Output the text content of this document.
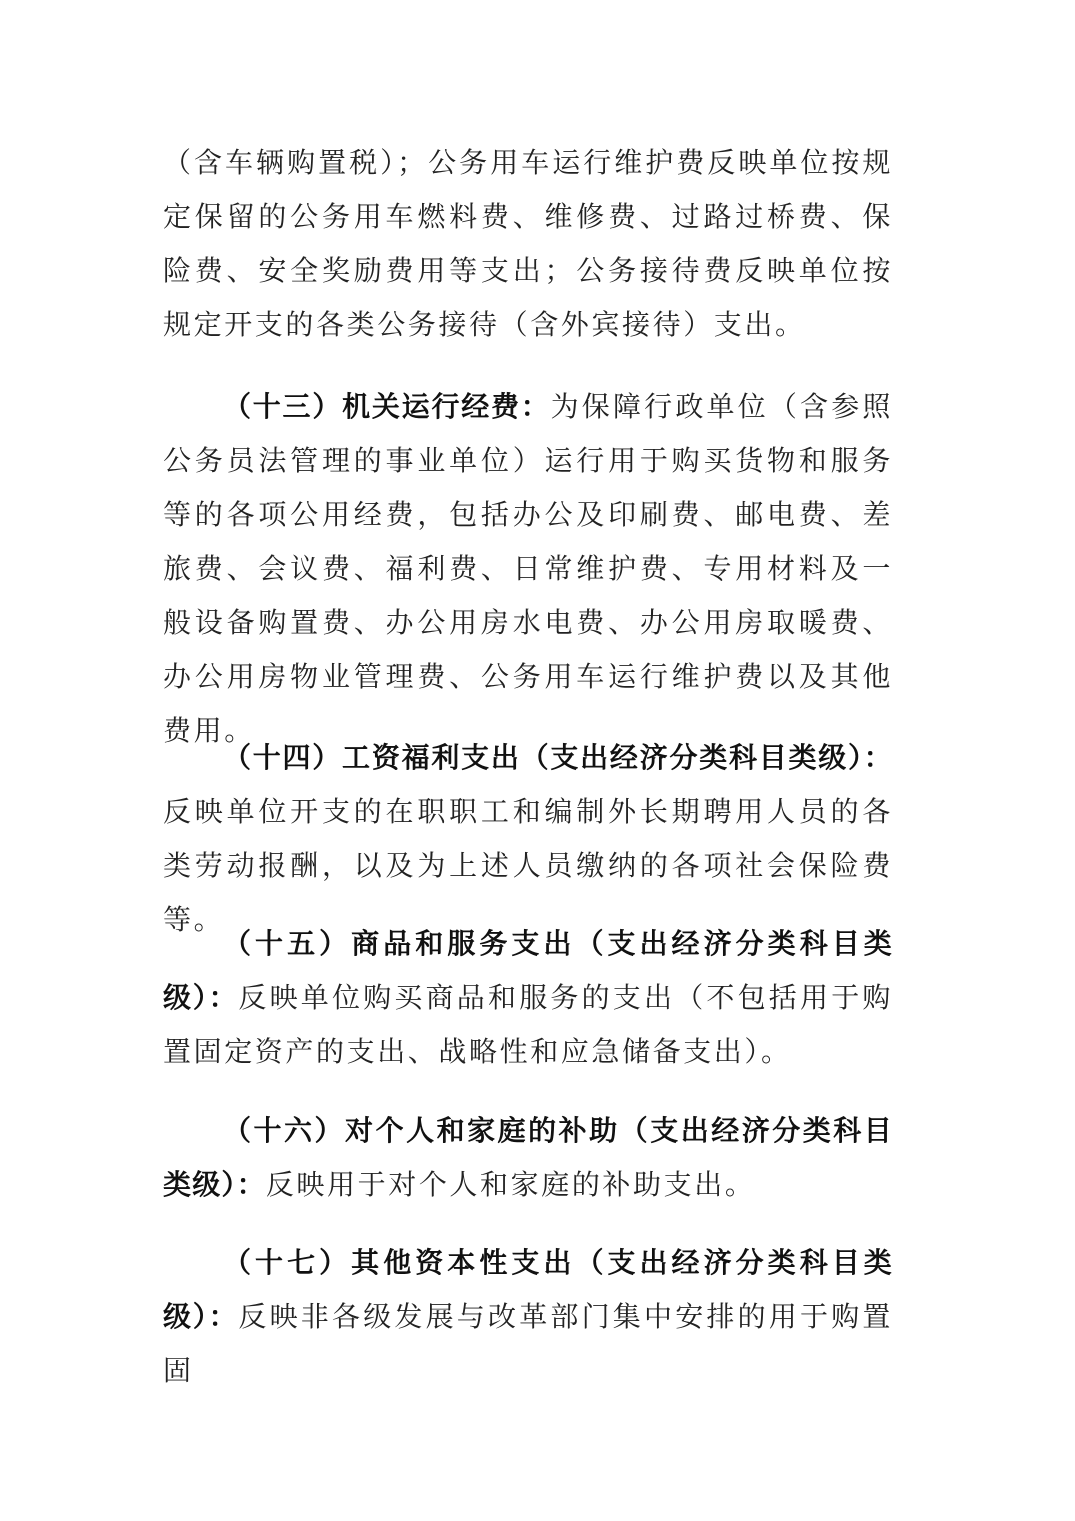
（含车辆购置税）；公务用车运行维护费反映单位按规定保留的公务用车燃料费、维修费、过路过桥费、保险费、安全奖励费用等支出；公务接待费反映单位按规定开支的各类公务接待（含外宾接待）支出。

（十三）机关运行经费：为保障行政单位（含参照公务员法管理的事业单位）运行用于购买货物和服务等的各项公用经费，包括办公及印刷费、邮电费、差旅费、会议费、福利费、日常维护费、专用材料及一般设备购置费、办公用房水电费、办公用房取暖费、办公用房物业管理费、公务用车运行维护费以及其他费用。

（十四）工资福利支出（支出经济分类科目类级）：反映单位开支的在职职工和编制外长期聘用人员的各类劳动报酬，以及为上述人员缴纳的各项社会保险费等。

（十五）商品和服务支出（支出经济分类科目类级）：反映单位购买商品和服务的支出（不包括用于购置固定资产的支出、战略性和应急储备支出）。

（十六）对个人和家庭的补助（支出经济分类科目类级）：反映用于对个人和家庭的补助支出。

（十七）其他资本性支出（支出经济分类科目类级）：反映非各级发展与改革部门集中安排的用于购置固
